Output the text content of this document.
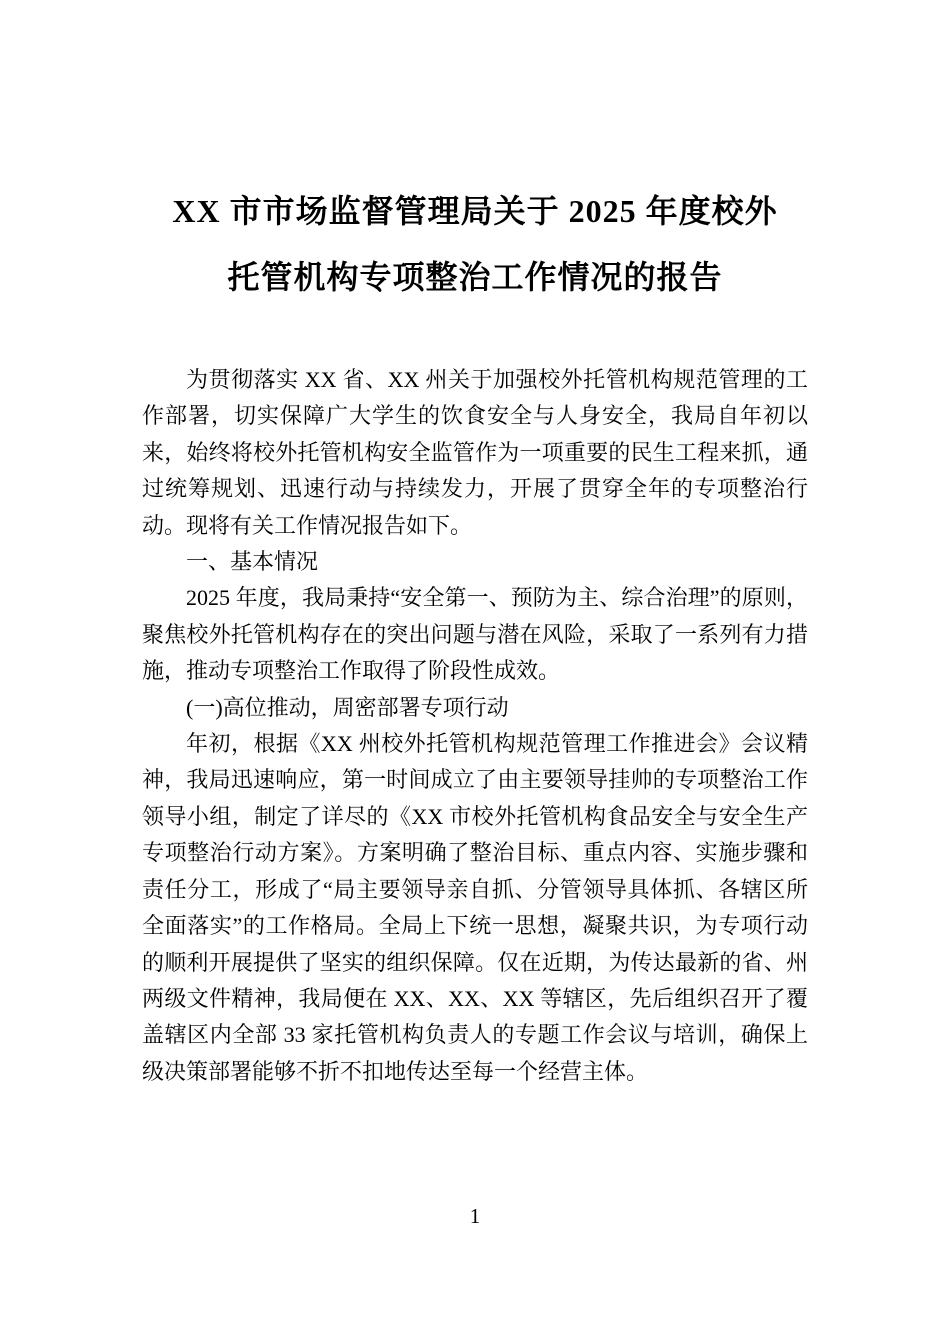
XX 市市场监督管理局关于 2025 年度校外
托管机构专项整治工作情况的报告

为贯彻落实 XX 省、XX 州关于加强校外托管机构规范管理的工作部署，切实保障广大学生的饮食安全与人身安全，我局自年初以来，始终将校外托管机构安全监管作为一项重要的民生工程来抓，通过统筹规划、迅速行动与持续发力，开展了贯穿全年的专项整治行动。现将有关工作情况报告如下。

一、基本情况

2025 年度，我局秉持“安全第一、预防为主、综合治理”的原则，聚焦校外托管机构存在的突出问题与潜在风险，采取了一系列有力措施，推动专项整治工作取得了阶段性成效。

(一)高位推动，周密部署专项行动

年初，根据《XX 州校外托管机构规范管理工作推进会》会议精神，我局迅速响应，第一时间成立了由主要领导挂帅的专项整治工作领导小组，制定了详尽的《XX 市校外托管机构食品安全与安全生产专项整治行动方案》。方案明确了整治目标、重点内容、实施步骤和责任分工，形成了“局主要领导亲自抓、分管领导具体抓、各辖区所全面落实”的工作格局。全局上下统一思想，凝聚共识，为专项行动的顺利开展提供了坚实的组织保障。仅在近期，为传达最新的省、州两级文件精神，我局便在 XX、XX、XX 等辖区，先后组织召开了覆盖辖区内全部 33 家托管机构负责人的专题工作会议与培训，确保上级决策部署能够不折不扣地传达至每一个经营主体。

1
